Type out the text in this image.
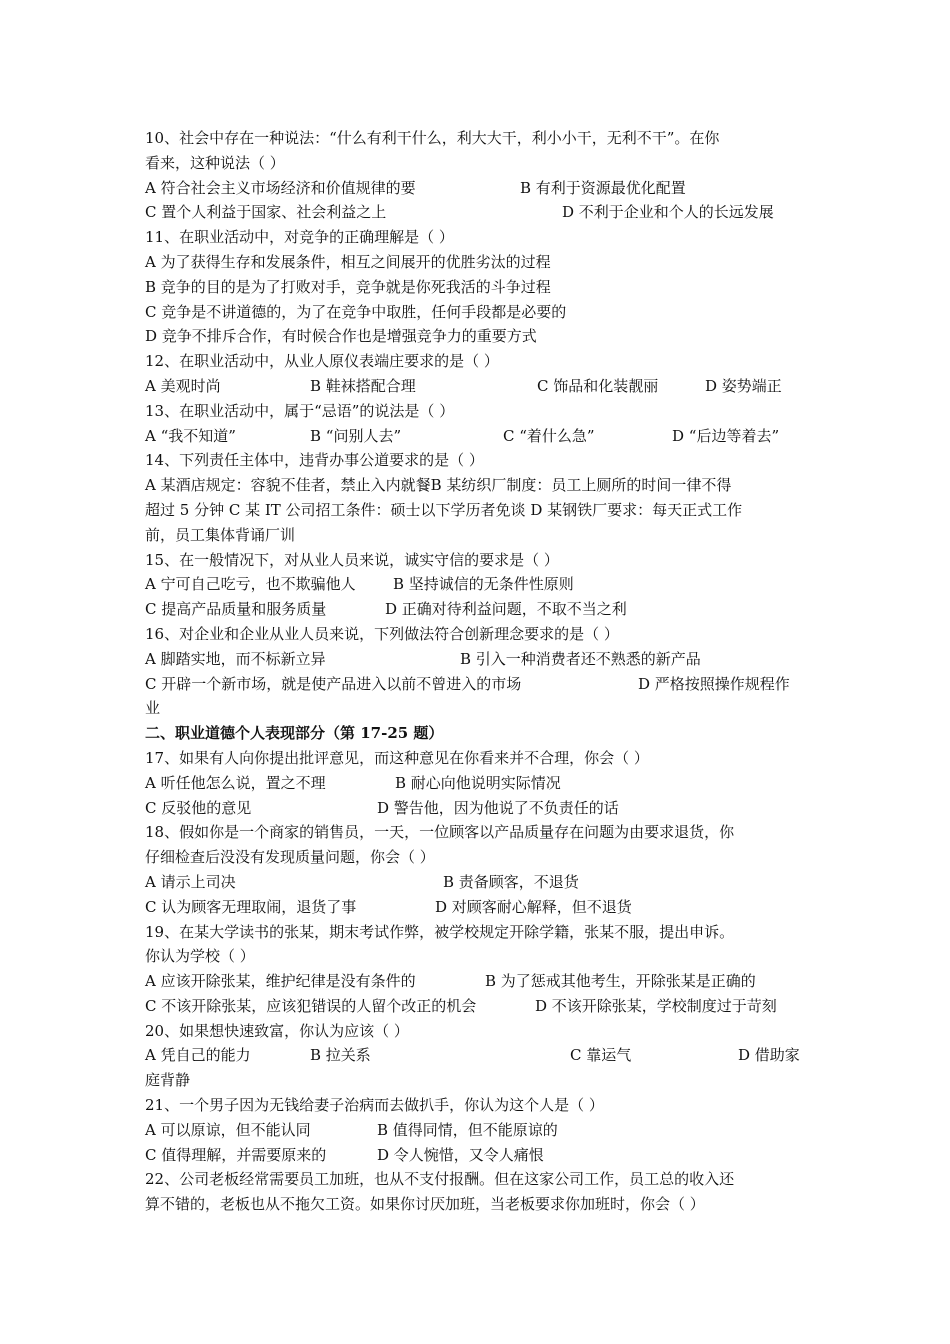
10、社会中存在一种说法：“什么有利干什么，利大大干，利小小干，无利不干”。在你
看来，这种说法（ ）
A 符合社会主义市场经济和价值规律的要	B 有利于资源最优化配置
C 置个人利益于国家、社会利益之上	D 不利于企业和个人的长远发展
11、在职业活动中，对竞争的正确理解是（ ）
A 为了获得生存和发展条件，相互之间展开的优胜劣汰的过程
B 竞争的目的是为了打败对手，竞争就是你死我活的斗争过程
C 竞争是不讲道德的，为了在竞争中取胜，任何手段都是必要的
D 竞争不排斥合作，有时候合作也是增强竞争力的重要方式
12、在职业活动中，从业人原仪表端庄要求的是（ ）
A 美观时尚	B 鞋袜搭配合理	C 饰品和化装靓丽	D 姿势端正
13、在职业活动中，属于“忌语”的说法是（ ）
A “我不知道”	B “问别人去”	C “着什么急”	D “后边等着去”
14、下列责任主体中，违背办事公道要求的是（ ）
A 某酒店规定：容貌不佳者，禁止入内就餐B 某纺织厂制度：员工上厕所的时间一律不得
超过 5 分钟 C 某 IT 公司招工条件：硕士以下学历者免谈 D 某钢铁厂要求：每天正式工作
前，员工集体背诵厂训
15、在一般情况下，对从业人员来说，诚实守信的要求是（ ）
A 宁可自己吃亏，也不欺骗他人 B 坚持诚信的无条件性原则
C 提高产品质量和服务质量	D 正确对待利益问题，不取不当之利
16、对企业和企业从业人员来说，下列做法符合创新理念要求的是（ ）
A 脚踏实地，而不标新立异	B 引入一种消费者还不熟悉的新产品
C 开辟一个新市场，就是使产品进入以前不曾进入的市场	D 严格按照操作规程作
业
二、职业道德个人表现部分（第 17-25 题）
17、如果有人向你提出批评意见，而这种意见在你看来并不合理，你会（ ）
A 听任他怎么说，置之不理	B 耐心向他说明实际情况
C 反驳他的意见	D 警告他，因为他说了不负责任的话
18、假如你是一个商家的销售员，一天，一位顾客以产品质量存在问题为由要求退货，你
仔细检查后没没有发现质量问题，你会（ ）
A 请示上司决	B 责备顾客，不退货
C 认为顾客无理取闹，退货了事	D 对顾客耐心解释，但不退货
19、在某大学读书的张某，期末考试作弊，被学校规定开除学籍，张某不服，提出申诉。
你认为学校（ ）
A 应该开除张某，维护纪律是没有条件的	B 为了惩戒其他考生，开除张某是正确的
C 不该开除张某，应该犯错误的人留个改正的机会	D 不该开除张某，学校制度过于苛刻
20、如果想快速致富，你认为应该（ ）
A 凭自己的能力	B 拉关系	C 靠运气	D 借助家
庭背静
21、一个男子因为无钱给妻子治病而去做扒手，你认为这个人是（ ）
A 可以原谅，但不能认同	B 值得同情，但不能原谅的
C 值得理解，并需要原来的	D 令人惋惜，又令人痛恨
22、公司老板经常需要员工加班，也从不支付报酬。但在这家公司工作，员工总的收入还
算不错的，老板也从不拖欠工资。如果你讨厌加班，当老板要求你加班时，你会（ ）
